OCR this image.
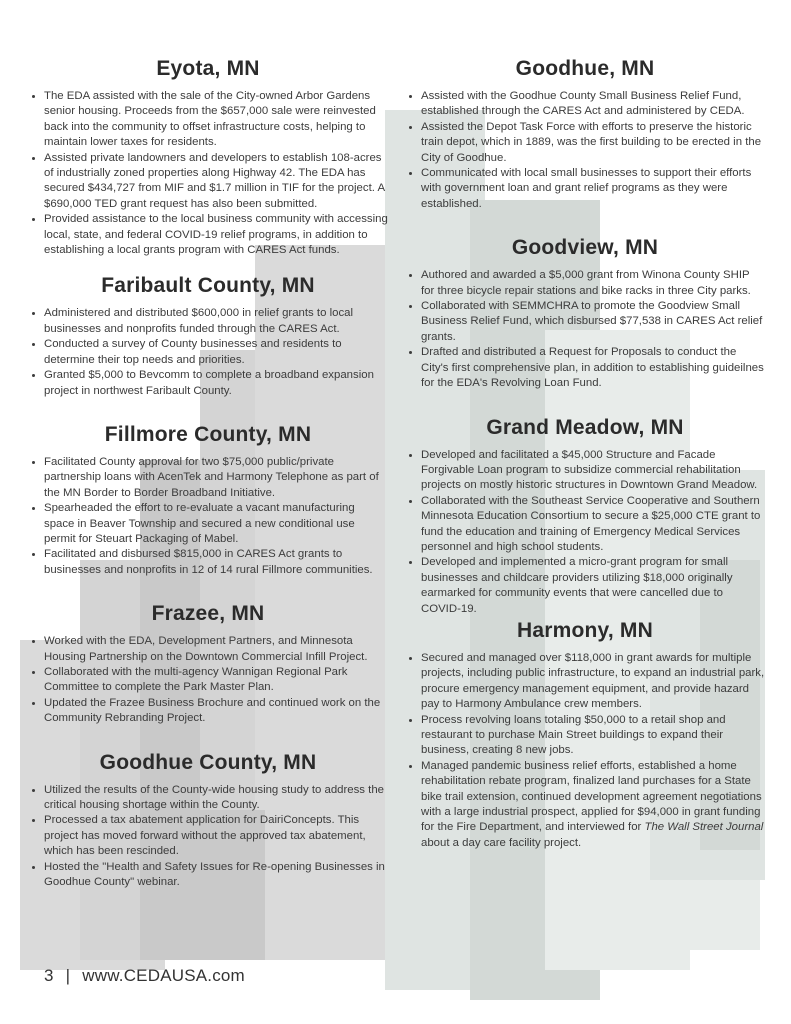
Eyota, MN
• The EDA assisted with the sale of the City-owned Arbor Gardens senior housing. Proceeds from the $657,000 sale were reinvested back into the community to offset infrastructure costs, helping to maintain lower taxes for residents.
• Assisted private landowners and developers to establish 108-acres of industrially zoned properties along Highway 42. The EDA has secured $434,727 from MIF and $1.7 million in TIF for the project. A $690,000 TED grant request has also been submitted.
• Provided assistance to the local business community with accessing local, state, and federal COVID-19 relief programs, in addition to establishing a local grants program with CARES Act funds.
Faribault County, MN
• Administered and distributed $600,000 in relief grants to local businesses and nonprofits funded through the CARES Act.
• Conducted a survey of County businesses and residents to determine their top needs and priorities.
• Granted $5,000 to Bevcomm to complete a broadband expansion project in northwest Faribault County.
Fillmore County, MN
• Facilitated County approval for two $75,000 public/private partnership loans with AcenTek and Harmony Telephone as part of the MN Border to Border Broadband Initiative.
• Spearheaded the effort to re-evaluate a vacant manufacturing space in Beaver Township and secured a new conditional use permit for Steuart Packaging of Mabel.
• Facilitated and disbursed $815,000 in CARES Act grants to businesses and nonprofits in 12 of 14 rural Fillmore communities.
Frazee, MN
• Worked with the EDA, Development Partners, and Minnesota Housing Partnership on the Downtown Commercial Infill Project.
• Collaborated with the multi-agency Wannigan Regional Park Committee to complete the Park Master Plan.
• Updated the Frazee Business Brochure and continued work on the Community Rebranding Project.
Goodhue County, MN
• Utilized the results of the County-wide housing study to address the critical housing shortage within the County.
• Processed a tax abatement application for DairiConcepts. This project has moved forward without the approved tax abatement, which has been rescinded.
• Hosted the "Health and Safety Issues for Re-opening Businesses in Goodhue County" webinar.
Goodhue, MN
• Assisted with the Goodhue County Small Business Relief Fund, established through the CARES Act and administered by CEDA.
• Assisted the Depot Task Force with efforts to preserve the historic train depot, which in 1889, was the first building to be erected in the City of Goodhue.
• Communicated with local small businesses to support their efforts with government loan and grant relief programs as they were established.
Goodview, MN
• Authored and awarded a $5,000 grant from Winona County SHIP for three bicycle repair stations and bike racks in three City parks.
• Collaborated with SEMMCHRA to promote the Goodview Small Business Relief Fund, which disbursed $77,538 in CARES Act relief grants.
• Drafted and distributed a Request for Proposals to conduct the City's first comprehensive plan, in addition to establishing guideilnes for the EDA's Revolving Loan Fund.
Grand Meadow, MN
• Developed and facilitated a $45,000 Structure and Facade Forgivable Loan program to subsidize commercial rehabilitation projects on mostly historic structures in Downtown Grand Meadow.
• Collaborated with the Southeast Service Cooperative and Southern Minnesota Education Consortium to secure a $25,000 CTE grant to fund the education and training of Emergency Medical Services personnel and high school students.
• Developed and implemented a micro-grant program for small businesses and childcare providers utilizing $18,000 originally earmarked for community events that were cancelled due to COVID-19.
Harmony, MN
• Secured and managed over $118,000 in grant awards for multiple projects, including public infrastructure, to expand an industrial park, procure emergency management equipment, and provide hazard pay to Harmony Ambulance crew members.
• Process revolving loans totaling $50,000 to a retail shop and restaurant to purchase Main Street buildings to expand their business, creating 8 new jobs.
• Managed pandemic business relief efforts, established a home rehabilitation rebate program, finalized land purchases for a State bike trail extension, continued development agreement negotiations with a large industrial prospect, applied for $94,000 in grant funding for the Fire Department, and interviewed for The Wall Street Journal about a day care facility project.
3 | www.CEDAUSA.com
